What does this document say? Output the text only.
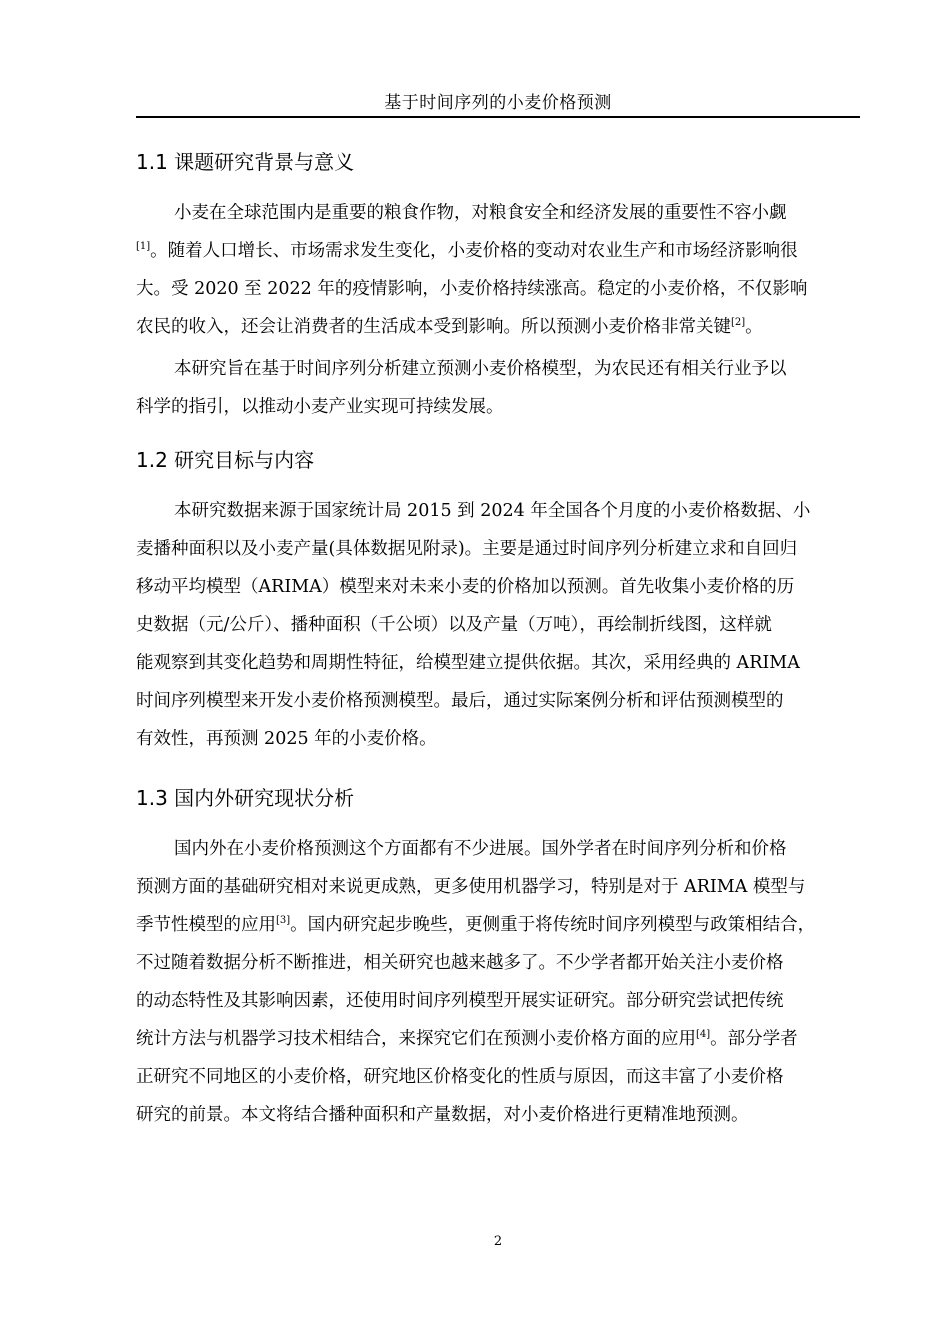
基于时间序列的小麦价格预测
1.1 课题研究背景与意义
小麦在全球范围内是重要的粮食作物，对粮食安全和经济发展的重要性不容小觑
[1]。随着人口增长、市场需求发生变化，小麦价格的变动对农业生产和市场经济影响很
大。受 2020 至 2022 年的疫情影响，小麦价格持续涨高。稳定的小麦价格，不仅影响
农民的收入，还会让消费者的生活成本受到影响。所以预测小麦价格非常关键[2]。
本研究旨在基于时间序列分析建立预测小麦价格模型，为农民还有相关行业予以
科学的指引，以推动小麦产业实现可持续发展。
1.2 研究目标与内容
本研究数据来源于国家统计局 2015 到 2024 年全国各个月度的小麦价格数据、小
麦播种面积以及小麦产量(具体数据见附录)。主要是通过时间序列分析建立求和自回归
移动平均模型（ARIMA）模型来对未来小麦的价格加以预测。首先收集小麦价格的历
史数据（元/公斤）、播种面积（千公顷）以及产量（万吨），再绘制折线图，这样就
能观察到其变化趋势和周期性特征，给模型建立提供依据。其次，采用经典的 ARIMA
时间序列模型来开发小麦价格预测模型。最后，通过实际案例分析和评估预测模型的
有效性，再预测 2025 年的小麦价格。
1.3 国内外研究现状分析
国内外在小麦价格预测这个方面都有不少进展。国外学者在时间序列分析和价格
预测方面的基础研究相对来说更成熟，更多使用机器学习，特别是对于 ARIMA 模型与
季节性模型的应用[3]。国内研究起步晚些，更侧重于将传统时间序列模型与政策相结合，
不过随着数据分析不断推进，相关研究也越来越多了。不少学者都开始关注小麦价格
的动态特性及其影响因素，还使用时间序列模型开展实证研究。部分研究尝试把传统
统计方法与机器学习技术相结合，来探究它们在预测小麦价格方面的应用[4]。部分学者
正研究不同地区的小麦价格，研究地区价格变化的性质与原因，而这丰富了小麦价格
研究的前景。本文将结合播种面积和产量数据，对小麦价格进行更精准地预测。
2
